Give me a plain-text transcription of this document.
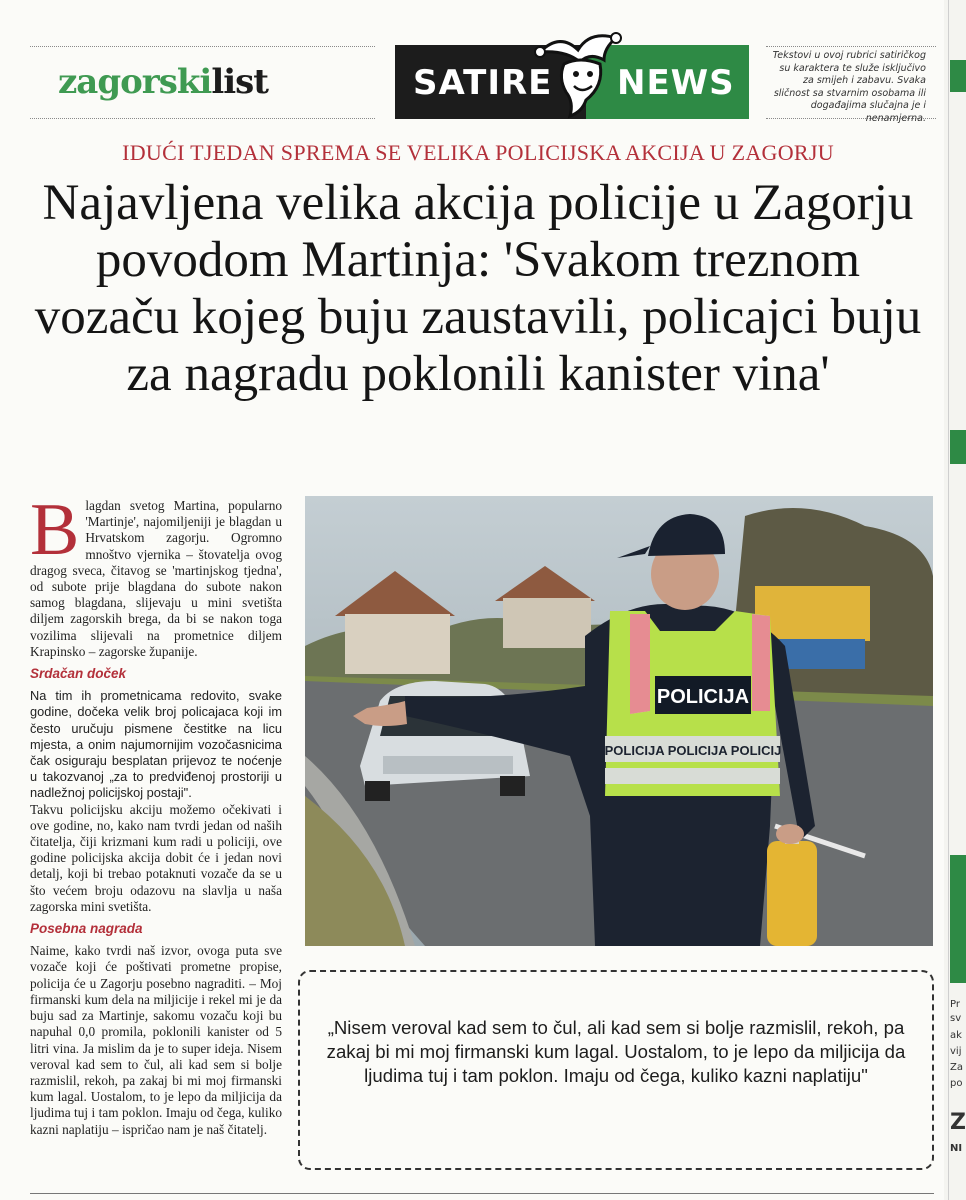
zagorskilist	SATIRE NEWS
Tekstovi u ovoj rubrici satiričkog su karaktera te služe isključivo za smijeh i zabavu. Svaka sličnost sa stvarnim osobama ili događajima slučajna je i nenamjerna.
IDUĆI TJEDAN SPREMA SE VELIKA POLICIJSKA AKCIJA U ZAGORJU
Najavljena velika akcija policije u Zagorju povodom Martinja: 'Svakom treznom vozaču kojeg buju zaustavili, policajci buju za nagradu poklonili kanister vina'
B lagdan svetog Martina, popularno 'Martinje', najomiljeniji je blagdan u Hrvatskom zagorju. Ogromno mnoštvo vjernika – štovatelja ovog dragog sveca, čitavog se 'martinjskog tjedna', od subote prije blagdana do subote nakon samog blagdana, slijevaju u mini svetišta diljem zagorskih brega, da bi se nakon toga vozilima slijevali na prometnice diljem Krapinsko – zagorske županije.

Srdačan doček

Na tim ih prometnicama redovito, svake godine, dočeka velik broj policajaca koji im često uručuju pismene čestitke na licu mjesta, a onim najumornijim vozočasnicima čak osiguraju besplatan prijevoz te noćenje u takozvanoj „za to predviđenoj prostoriji u nadležnoj policijskoj postaji".

Takvu policijsku akciju možemo očekivati i ove godine, no, kako nam tvrdi jedan od naših čitatelja, čiji krizmani kum radi u policiji, ove godine policijska akcija dobit će i jedan novi detalj, koji bi trebao potaknuti vozače da se u što većem broju odazovu na slavlja u naša zagorska mini svetišta.

Posebna nagrada

Naime, kako tvrdi naš izvor, ovoga puta sve vozače koji će poštivati prometne propise, policija će u Zagorju posebno nagraditi. – Moj firmanski kum dela na miljicije i rekel mi je da buju sad za Martinje, sakomu vozaču koji bu napuhal 0,0 promila, poklonili kanister od 5 litri vina. Ja mislim da je to super ideja. Nisem veroval kad sem to čul, ali kad sem si bolje razmislil, rekoh, pa zakaj bi mi moj firmanski kum lagal. Uostalom, to je lepo da miljicija da ljudima tuj i tam poklon. Imaju od čega, kuliko kazni naplatiju – ispričao nam je naš čitatelj.

POLICIJA
POLICIJA POLICIJA POLICIJ
„Nisem veroval kad sem to čul, ali kad sem si bolje razmislil, rekoh, pa zakaj bi mi moj firmanski kum lagal. Uostalom, to je lepo da miljicija da ljudima tuj i tam poklon. Imaju od čega, kuliko kazni naplatiju"
Pr
sv
ak
vij
Za
po
Z
NI
